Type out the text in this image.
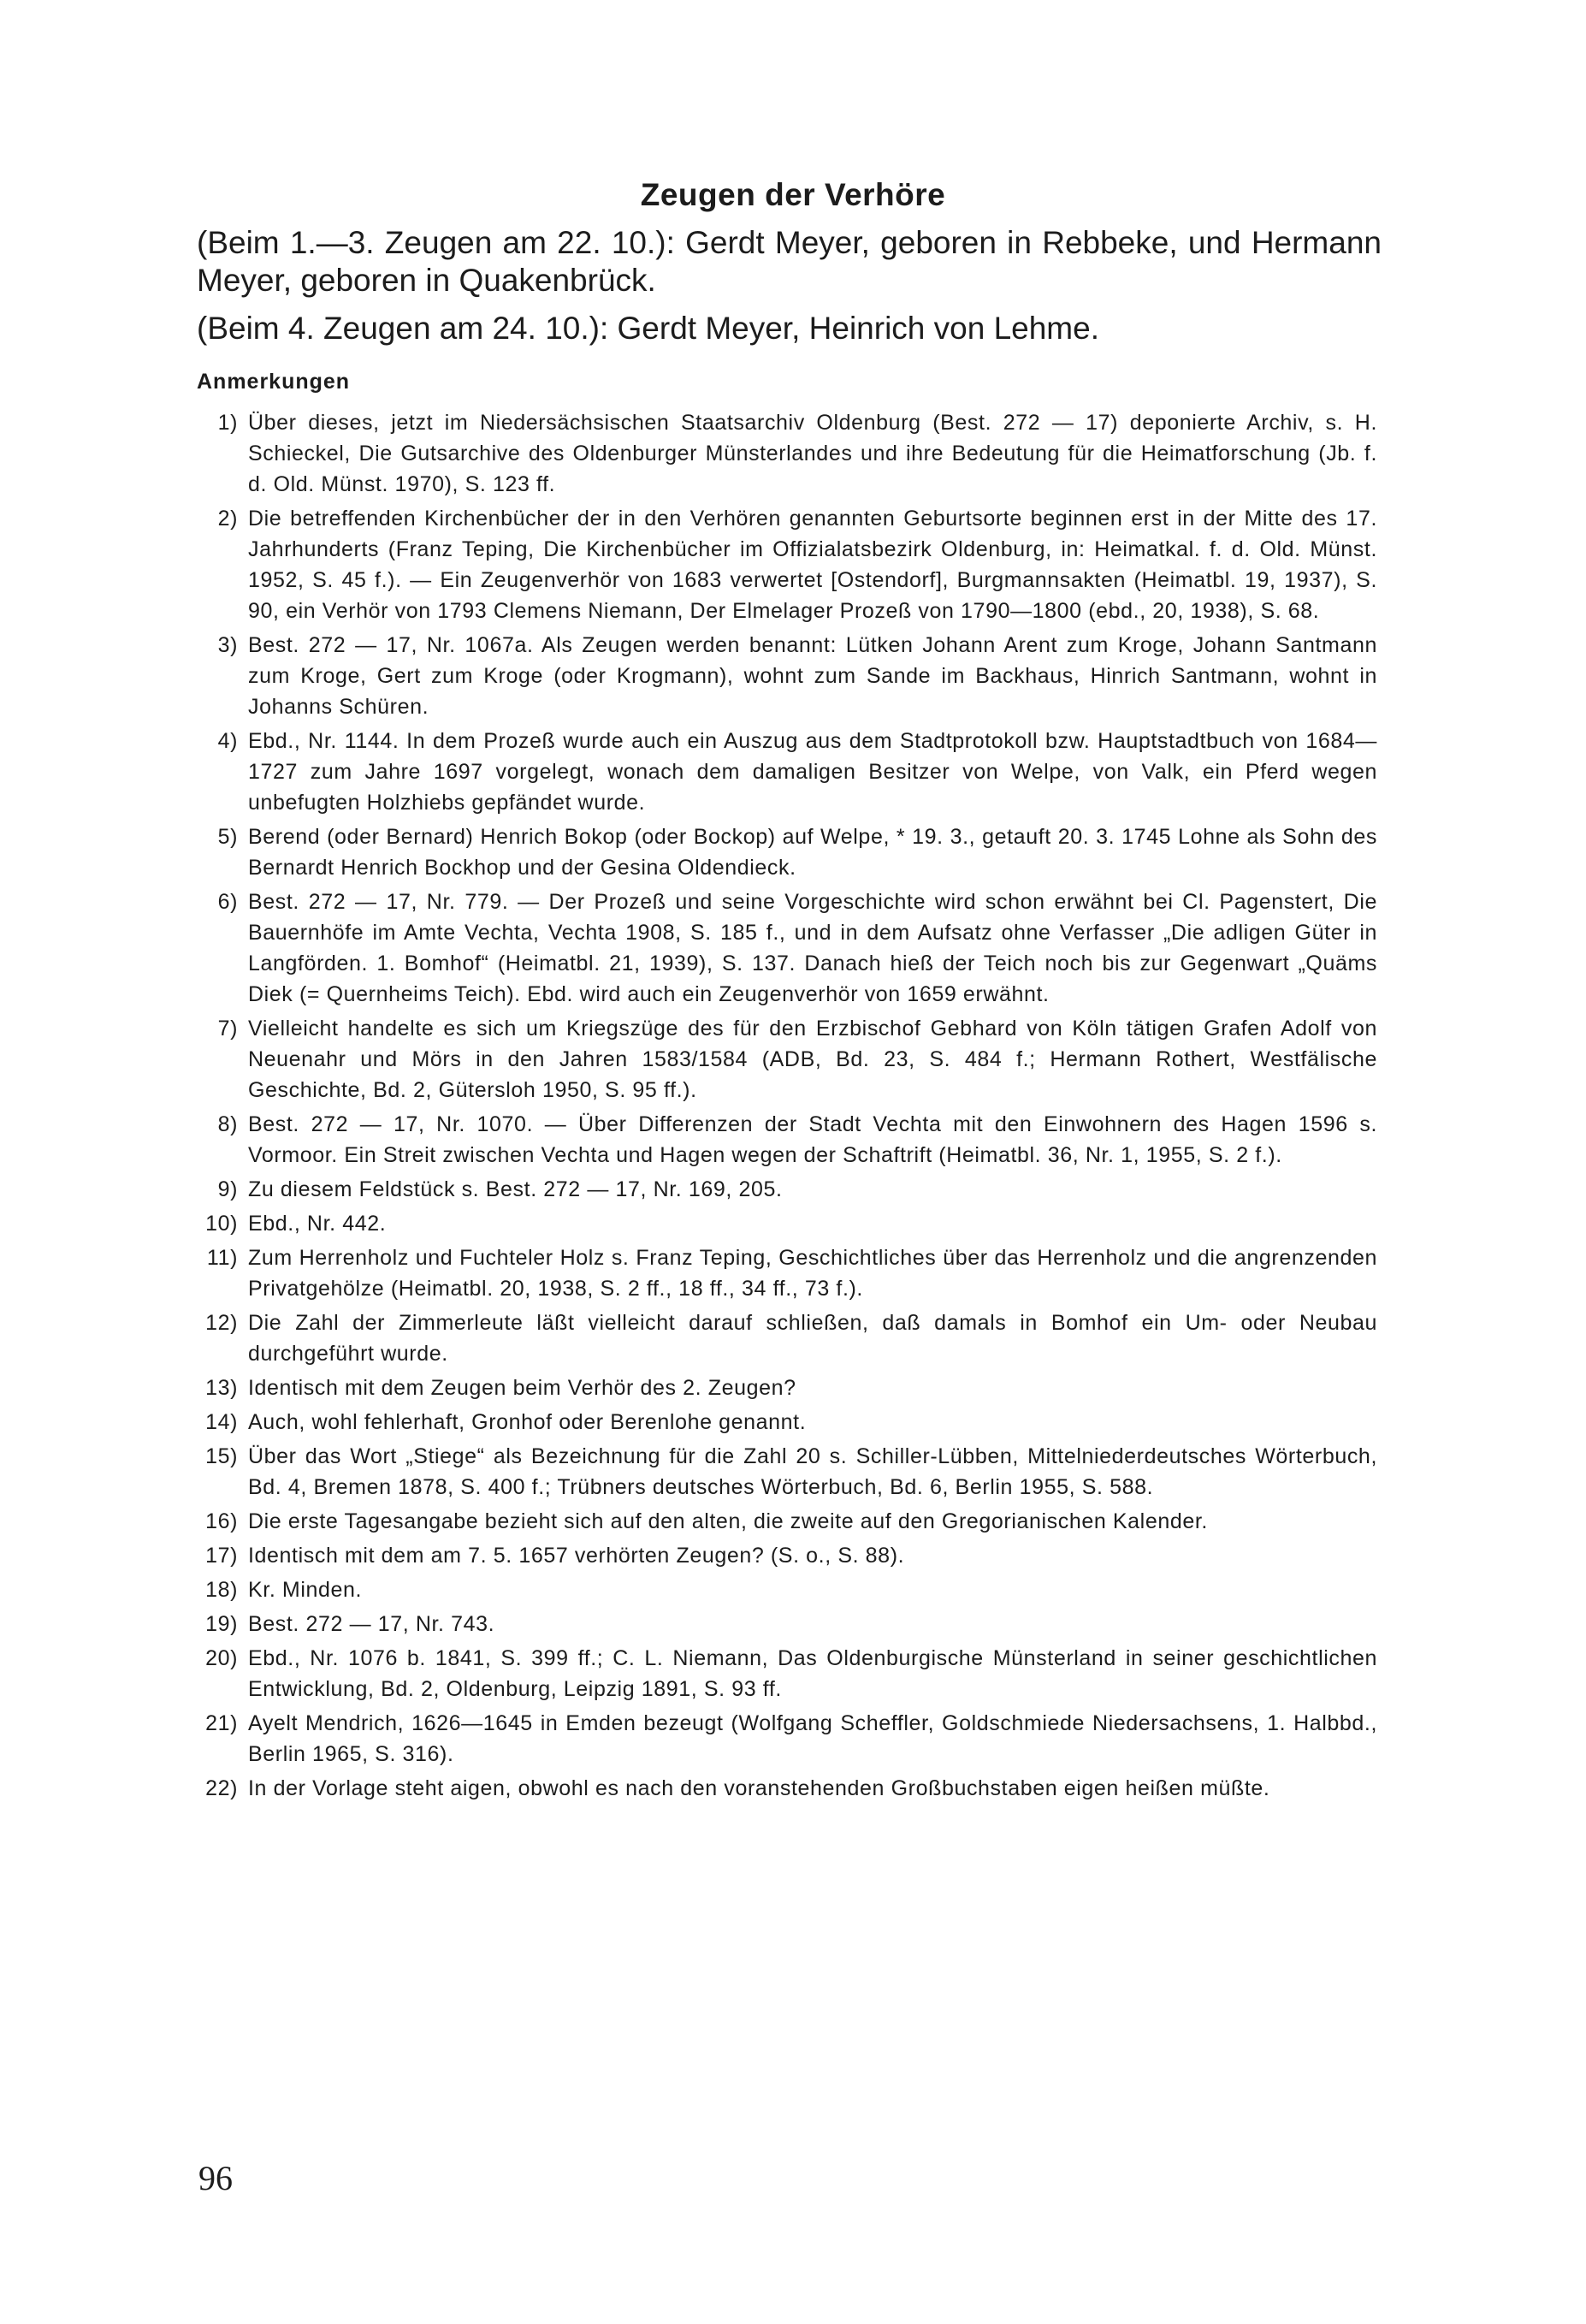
Zeugen der Verhöre

(Beim 1.—3. Zeugen am 22. 10.): Gerdt Meyer, geboren in Rebbeke, und Hermann Meyer, geboren in Quakenbrück.

(Beim 4. Zeugen am 24. 10.): Gerdt Meyer, Heinrich von Lehme.

Anmerkungen
1) Über dieses, jetzt im Niedersächsischen Staatsarchiv Oldenburg (Best. 272 — 17) deponierte Archiv, s. H. Schieckel, Die Gutsarchive des Oldenburger Münsterlandes und ihre Bedeutung für die Heimatforschung (Jb. f. d. Old. Münst. 1970), S. 123 ff.
2) Die betreffenden Kirchenbücher der in den Verhören genannten Geburtsorte beginnen erst in der Mitte des 17. Jahrhunderts (Franz Teping, Die Kirchenbücher im Offizialatsbezirk Oldenburg, in: Heimatkal. f. d. Old. Münst. 1952, S. 45 f.). — Ein Zeugenverhör von 1683 verwertet [Ostendorf], Burgmannsakten (Heimatbl. 19, 1937), S. 90, ein Verhör von 1793 Clemens Niemann, Der Elmelager Prozeß von 1790—1800 (ebd., 20, 1938), S. 68.
3) Best. 272 — 17, Nr. 1067a. Als Zeugen werden benannt: Lütken Johann Arent zum Kroge, Johann Santmann zum Kroge, Gert zum Kroge (oder Krogmann), wohnt zum Sande im Backhaus, Hinrich Santmann, wohnt in Johanns Schüren.
4) Ebd., Nr. 1144. In dem Prozeß wurde auch ein Auszug aus dem Stadtprotokoll bzw. Hauptstadtbuch von 1684—1727 zum Jahre 1697 vorgelegt, wonach dem damaligen Besitzer von Welpe, von Valk, ein Pferd wegen unbefugten Holzhiebs gepfändet wurde.
5) Berend (oder Bernard) Henrich Bokop (oder Bockop) auf Welpe, * 19. 3., getauft 20. 3. 1745 Lohne als Sohn des Bernardt Henrich Bockhop und der Gesina Oldendieck.
6) Best. 272 — 17, Nr. 779. — Der Prozeß und seine Vorgeschichte wird schon erwähnt bei Cl. Pagenstert, Die Bauernhöfe im Amte Vechta, Vechta 1908, S. 185 f., und in dem Aufsatz ohne Verfasser „Die adligen Güter in Langförden. 1. Bomhof“ (Heimatbl. 21, 1939), S. 137. Danach hieß der Teich noch bis zur Gegenwart „Quäms Diek (= Quernheims Teich). Ebd. wird auch ein Zeugenverhör von 1659 erwähnt.
7) Vielleicht handelte es sich um Kriegszüge des für den Erzbischof Gebhard von Köln tätigen Grafen Adolf von Neuenahr und Mörs in den Jahren 1583/1584 (ADB, Bd. 23, S. 484 f.; Hermann Rothert, Westfälische Geschichte, Bd. 2, Gütersloh 1950, S. 95 ff.).
8) Best. 272 — 17, Nr. 1070. — Über Differenzen der Stadt Vechta mit den Einwohnern des Hagen 1596 s. Vormoor. Ein Streit zwischen Vechta und Hagen wegen der Schaftrift (Heimatbl. 36, Nr. 1, 1955, S. 2 f.).
9) Zu diesem Feldstück s. Best. 272 — 17, Nr. 169, 205.
10) Ebd., Nr. 442.
11) Zum Herrenholz und Fuchteler Holz s. Franz Teping, Geschichtliches über das Herrenholz und die angrenzenden Privatgehölze (Heimatbl. 20, 1938, S. 2 ff., 18 ff., 34 ff., 73 f.).
12) Die Zahl der Zimmerleute läßt vielleicht darauf schließen, daß damals in Bomhof ein Um- oder Neubau durchgeführt wurde.
13) Identisch mit dem Zeugen beim Verhör des 2. Zeugen?
14) Auch, wohl fehlerhaft, Gronhof oder Berenlohe genannt.
15) Über das Wort „Stiege“ als Bezeichnung für die Zahl 20 s. Schiller-Lübben, Mittelniederdeutsches Wörterbuch, Bd. 4, Bremen 1878, S. 400 f.; Trübners deutsches Wörterbuch, Bd. 6, Berlin 1955, S. 588.
16) Die erste Tagesangabe bezieht sich auf den alten, die zweite auf den Gregorianischen Kalender.
17) Identisch mit dem am 7. 5. 1657 verhörten Zeugen? (S. o., S. 88).
18) Kr. Minden.
19) Best. 272 — 17, Nr. 743.
20) Ebd., Nr. 1076 b. 1841, S. 399 ff.; C. L. Niemann, Das Oldenburgische Münsterland in seiner geschichtlichen Entwicklung, Bd. 2, Oldenburg, Leipzig 1891, S. 93 ff.
21) Ayelt Mendrich, 1626—1645 in Emden bezeugt (Wolfgang Scheffler, Goldschmiede Niedersachsens, 1. Halbbd., Berlin 1965, S. 316).
22) In der Vorlage steht aigen, obwohl es nach den voranstehenden Großbuchstaben eigen heißen müßte.
96
